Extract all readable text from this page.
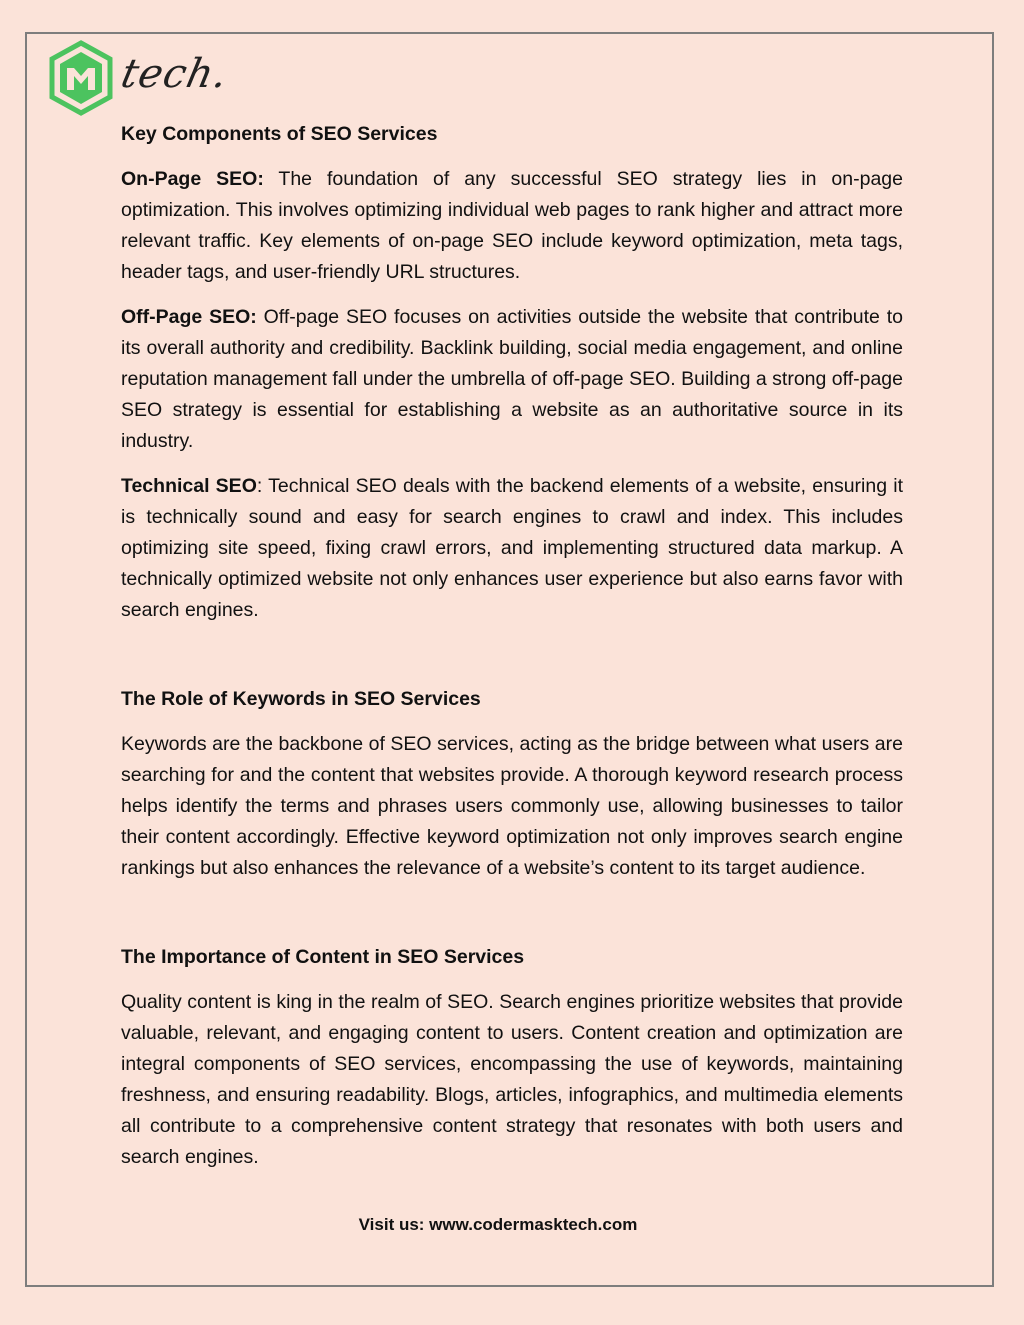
tech.
Key Components of SEO Services

On-Page SEO: The foundation of any successful SEO strategy lies in on-page optimization. This involves optimizing individual web pages to rank higher and attract more relevant traffic. Key elements of on-page SEO include keyword optimization, meta tags, header tags, and user-friendly URL structures.

Off-Page SEO: Off-page SEO focuses on activities outside the website that contribute to its overall authority and credibility. Backlink building, social media engagement, and online reputation management fall under the umbrella of off-page SEO. Building a strong off-page SEO strategy is essential for establishing a website as an authoritative source in its industry.

Technical SEO: Technical SEO deals with the backend elements of a website, ensuring it is technically sound and easy for search engines to crawl and index. This includes optimizing site speed, fixing crawl errors, and implementing structured data markup. A technically optimized website not only enhances user experience but also earns favor with search engines.

The Role of Keywords in SEO Services

Keywords are the backbone of SEO services, acting as the bridge between what users are searching for and the content that websites provide. A thorough keyword research process helps identify the terms and phrases users commonly use, allowing businesses to tailor their content accordingly. Effective keyword optimization not only improves search engine rankings but also enhances the relevance of a website’s content to its target audience.

The Importance of Content in SEO Services

Quality content is king in the realm of SEO. Search engines prioritize websites that provide valuable, relevant, and engaging content to users. Content creation and optimization are integral components of SEO services, encompassing the use of keywords, maintaining freshness, and ensuring readability. Blogs, articles, infographics, and multimedia elements all contribute to a comprehensive content strategy that resonates with both users and search engines.

Visit us: www.codermasktech.com
